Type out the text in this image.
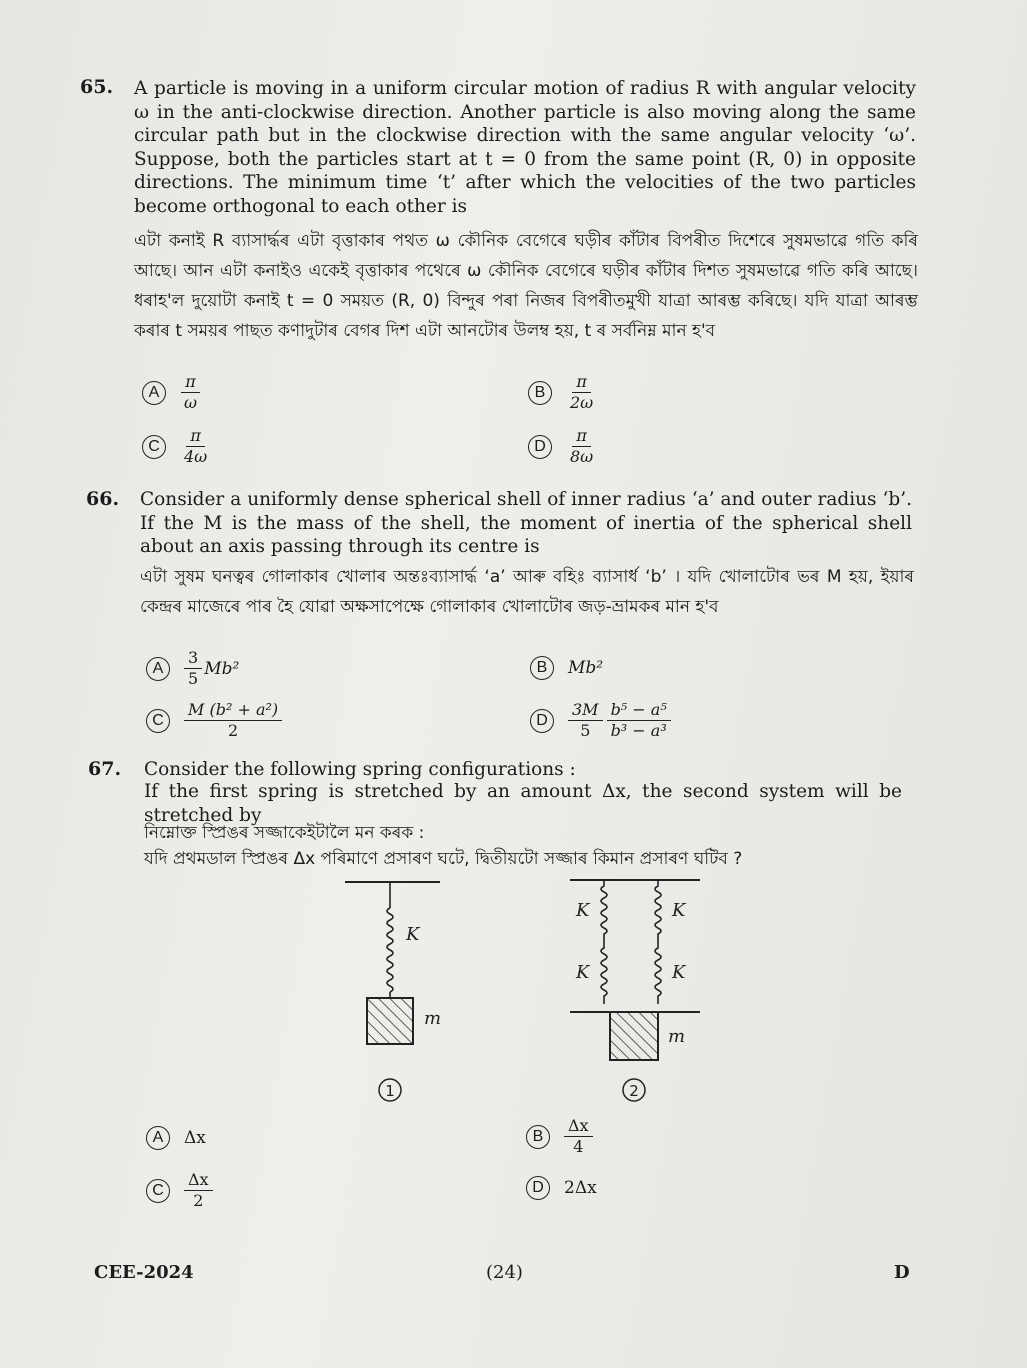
65. A particle is moving in a uniform circular motion of radius R with angular velocity ω in the anti-clockwise direction. Another particle is also moving along the same circular path but in the clockwise direction with the same angular velocity ‘ω’. Suppose, both the particles start at t = 0 from the same point (R, 0) in opposite directions. The minimum time ‘t’ after which the velocities of the two particles become orthogonal to each other is
এটা কনাই R ব্যাসাৰ্দ্ধৰ এটা বৃত্তাকাৰ পথত ω কৌনিক বেগেৰে ঘড়ীৰ কাঁটাৰ বিপৰীত দিশেৰে সুষমভাৱে গতি কৰি আছে। আন এটা কনাইও একেই বৃত্তাকাৰ পথেৰে ω কৌনিক বেগেৰে ঘড়ীৰ কাঁটাৰ দিশত সুষমভাৱে গতি কৰি আছে। ধৰাহ'ল দুয়োটা কনাই t = 0 সময়ত (R, 0) বিন্দুৰ পৰা নিজৰ বিপৰীতমুখী যাত্ৰা আৰম্ভ কৰিছে। যদি যাত্ৰা আৰম্ভ কৰাৰ t সময়ৰ পাছত কণাদুটাৰ বেগৰ দিশ এটা আনটোৰ উলম্ব হয়, t ৰ সৰ্বনিম্ন মান হ'ব
A	$\frac{\pi}{\omega}$	B	$\frac{\pi}{2\omega}$
C	$\frac{\pi}{4\omega}$	D	$\frac{\pi}{8\omega}$
66. Consider a uniformly dense spherical shell of inner radius ‘a’ and outer radius ‘b’. If the M is the mass of the shell, the moment of inertia of the spherical shell about an axis passing through its centre is
এটা সুষম ঘনত্বৰ গোলাকাৰ খোলাৰ অন্তঃব্যাসাৰ্দ্ধ ‘a’ আৰু বহিঃ ব্যাসাৰ্ধ ‘b’ । যদি খোলাটোৰ ভৰ M হয়, ইয়াৰ কেন্দ্ৰৰ মাজেৰে পাৰ হৈ যোৱা অক্ষসাপেক্ষে গোলাকাৰ খোলাটোৰ জড়-ভ্ৰামকৰ মান হ'ব
A	$\frac{3}{5} Mb^2$	B	Mb²
C	$\frac{\text{M (b² + a²)}}{2}$	D	$\frac{3M}{5} \frac{\text{b⁵ − a⁵}}{\text{b³ − a³}}$
67. Consider the following spring configurations :
If the first spring is stretched by an amount Δx, the second system will be stretched by
নিম্নোক্ত স্প্ৰিঙৰ সজ্জাকেইটালৈ মন কৰক :
যদি প্ৰথমডাল স্প্ৰিঙৰ Δx পৰিমাণে প্ৰসাৰণ ঘটে, দ্বিতীয়টো সজ্জাৰ কিমান প্ৰসাৰণ ঘটিব ?
K
m
1
K	K
K	K
m
2
A	Δx	B	$\frac{\Delta x}{4}$
C	$\frac{\Delta x}{2}$	D	2Δx
CEE-2024	(24)	D
